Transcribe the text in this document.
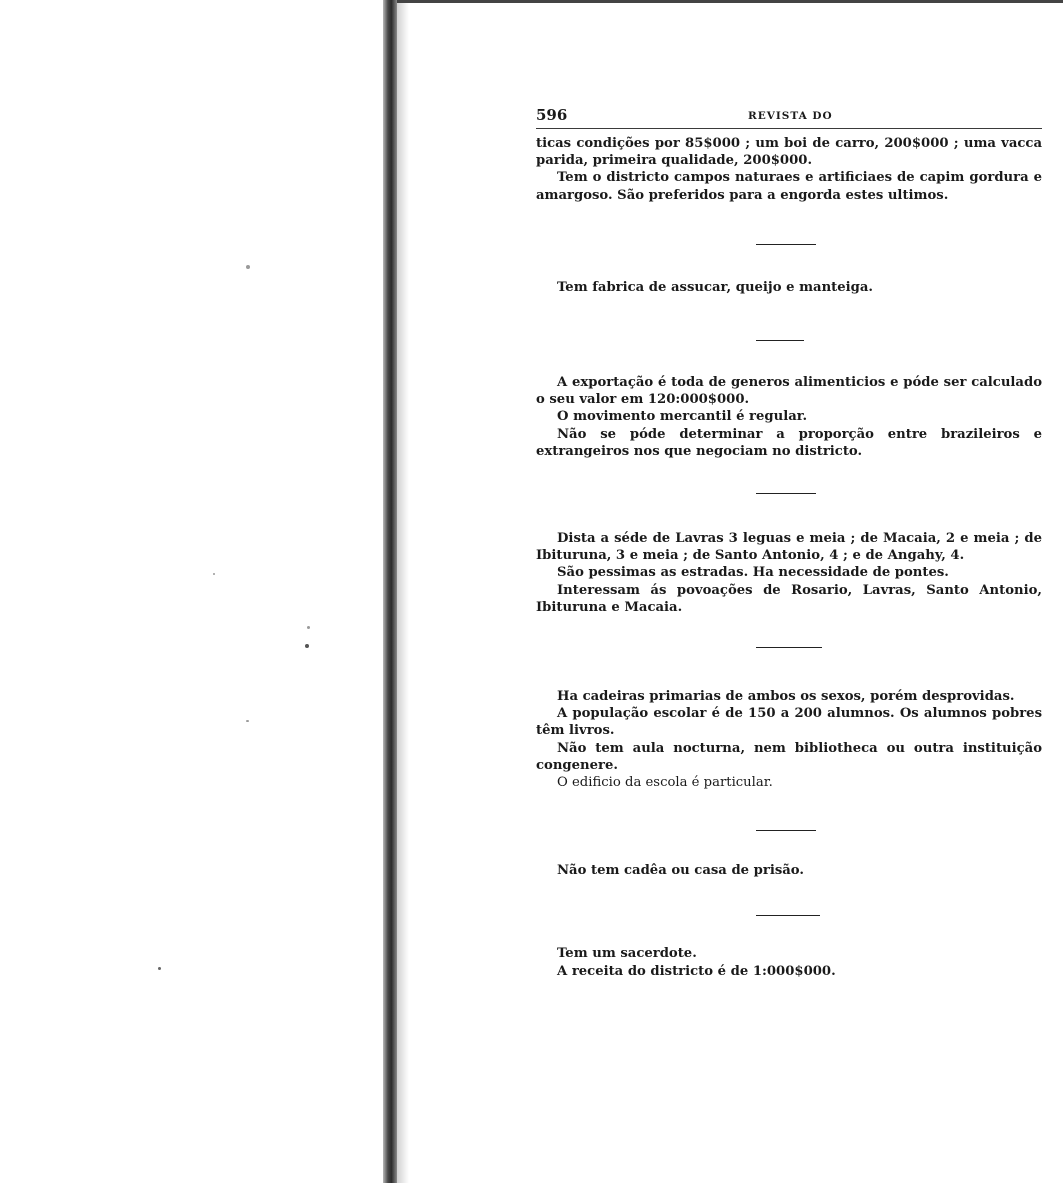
596	REVISTA DO

ticas condições por 85$000 ; um boi de carro, 200$000 ; uma vacca parida, primeira qualidade, 200$000.

Tem o districto campos naturaes e artificiaes de capim gordura e amargoso. São preferidos para a engorda estes ultimos.

Tem fabrica de assucar, queijo e manteiga.

A exportação é toda de generos alimenticios e póde ser calculado o seu valor em 120:000$000.

O movimento mercantil é regular.

Não se póde determinar a proporção entre brazileiros e extrangeiros nos que negociam no districto.

Dista a séde de Lavras 3 leguas e meia ; de Macaia, 2 e meia ; de Ibituruna, 3 e meia ; de Santo Antonio, 4 ; e de Angahy, 4.

São pessimas as estradas. Ha necessidade de pontes.

Interessam ás povoações de Rosario, Lavras, Santo Antonio, Ibituruna e Macaia.

Ha cadeiras primarias de ambos os sexos, porém desprovidas.

A população escolar é de 150 a 200 alumnos. Os alumnos pobres têm livros.

Não tem aula nocturna, nem bibliotheca ou outra instituição congenere.

O edificio da escola é particular.

Não tem cadêa ou casa de prisão.

Tem um sacerdote.

A receita do districto é de 1:000$000.
